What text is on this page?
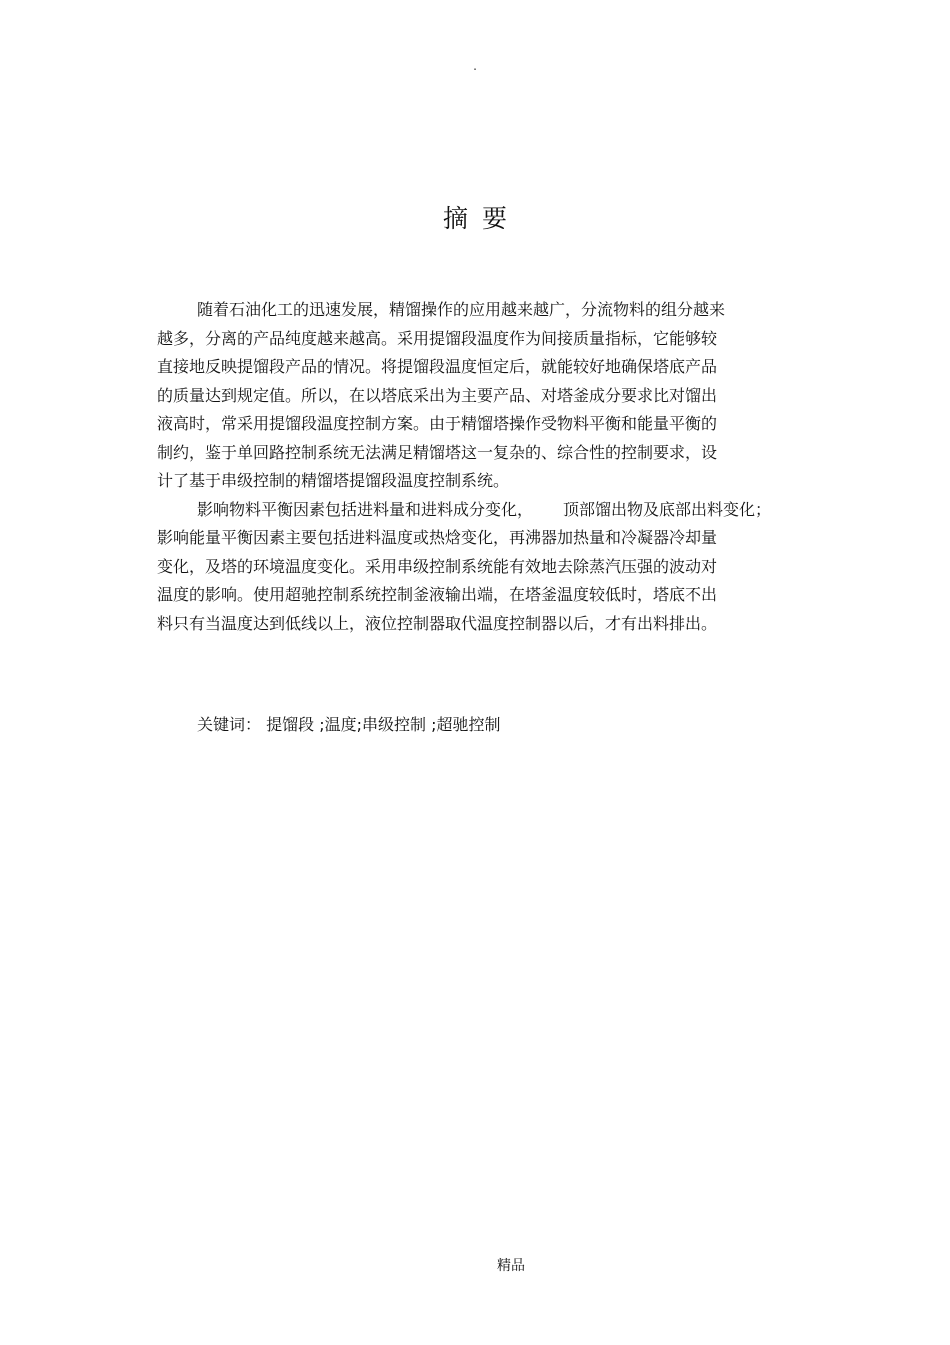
.
摘要
随着石油化工的迅速发展，精馏操作的应用越来越广，分流物料的组分越来
越多，分离的产品纯度越来越高。采用提馏段温度作为间接质量指标，它能够较
直接地反映提馏段产品的情况。将提馏段温度恒定后，就能较好地确保塔底产品
的质量达到规定值。所以，在以塔底采出为主要产品、对塔釜成分要求比对馏出
液高时，常采用提馏段温度控制方案。由于精馏塔操作受物料平衡和能量平衡的
制约，鉴于单回路控制系统无法满足精馏塔这一复杂的、综合性的控制要求，设
计了基于串级控制的精馏塔提馏段温度控制系统。
影响物料平衡因素包括进料量和进料成分变化， 顶部馏出物及底部出料变化；
影响能量平衡因素主要包括进料温度或热焓变化，再沸器加热量和冷凝器冷却量
变化，及塔的环境温度变化。采用串级控制系统能有效地去除蒸汽压强的波动对
温度的影响。使用超驰控制系统控制釜液输出端，在塔釜温度较低时，塔底不出
料只有当温度达到低线以上，液位控制器取代温度控制器以后，才有出料排出。
关键词： 提馏段 ;温度;串级控制 ;超驰控制
精品
